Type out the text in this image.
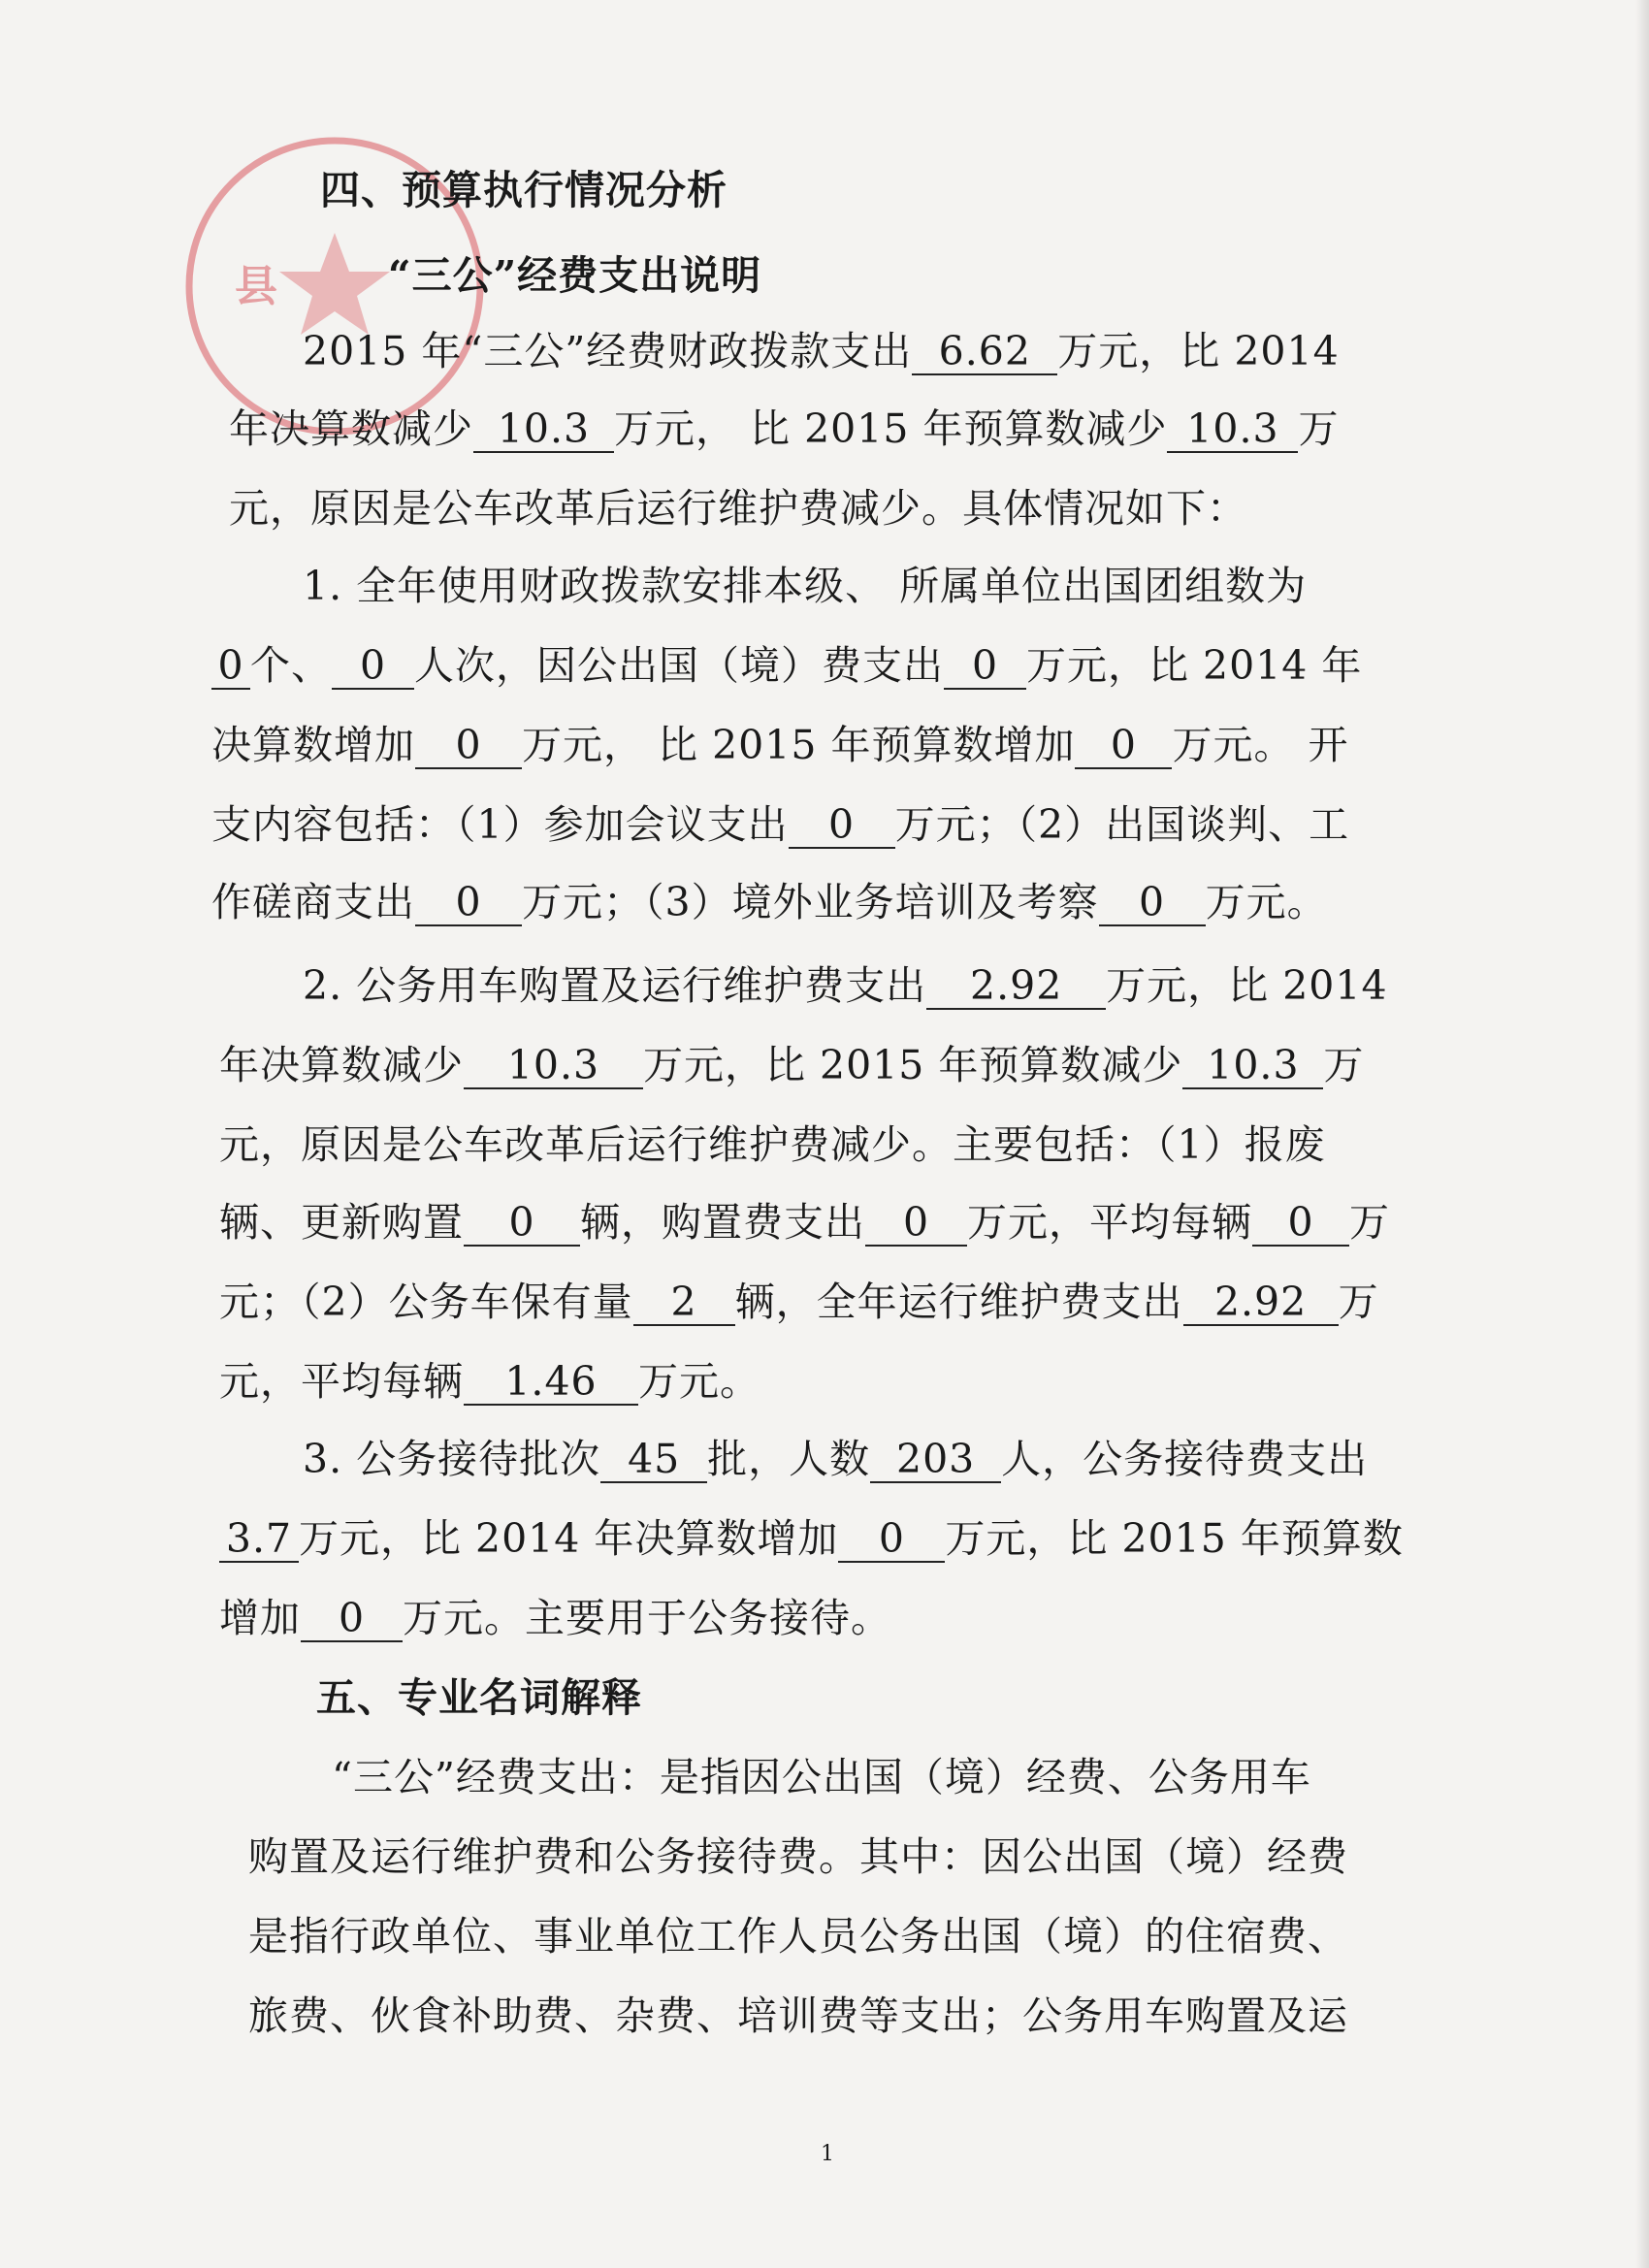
县
四、预算执行情况分析
“三公”经费支出说明
2015 年“三公”经费财政拨款支出 6.62 万元，比 2014
年决算数减少 10.3 万元， 比 2015 年预算数减少 10.3 万
元，原因是公车改革后运行维护费减少。具体情况如下：
1. 全年使用财政拨款安排本级、 所属单位出国团组数为
0 个、 0 人次，因公出国（境）费支出 0 万元，比 2014 年
决算数增加 0 万元， 比 2015 年预算数增加 0 万元。 开
支内容包括：（1）参加会议支出 0 万元；（2）出国谈判、工
作磋商支出 0 万元；（3）境外业务培训及考察 0 万元。
2. 公务用车购置及运行维护费支出 2.92 万元，比 2014
年决算数减少 10.3 万元，比 2015 年预算数减少 10.3 万
元，原因是公车改革后运行维护费减少。主要包括：（1）报废
辆、更新购置 0 辆，购置费支出 0 万元，平均每辆 0 万
元；（2）公务车保有量 2 辆，全年运行维护费支出 2.92 万
元，平均每辆 1.46 万元。
3. 公务接待批次 45 批，人数 203 人，公务接待费支出
3.7 万元，比 2014 年决算数增加 0 万元，比 2015 年预算数
增加 0 万元。主要用于公务接待。
五、专业名词解释
“三公”经费支出：是指因公出国（境）经费、公务用车
购置及运行维护费和公务接待费。其中：因公出国（境）经费
是指行政单位、事业单位工作人员公务出国（境）的住宿费、
旅费、伙食补助费、杂费、培训费等支出；公务用车购置及运
1
